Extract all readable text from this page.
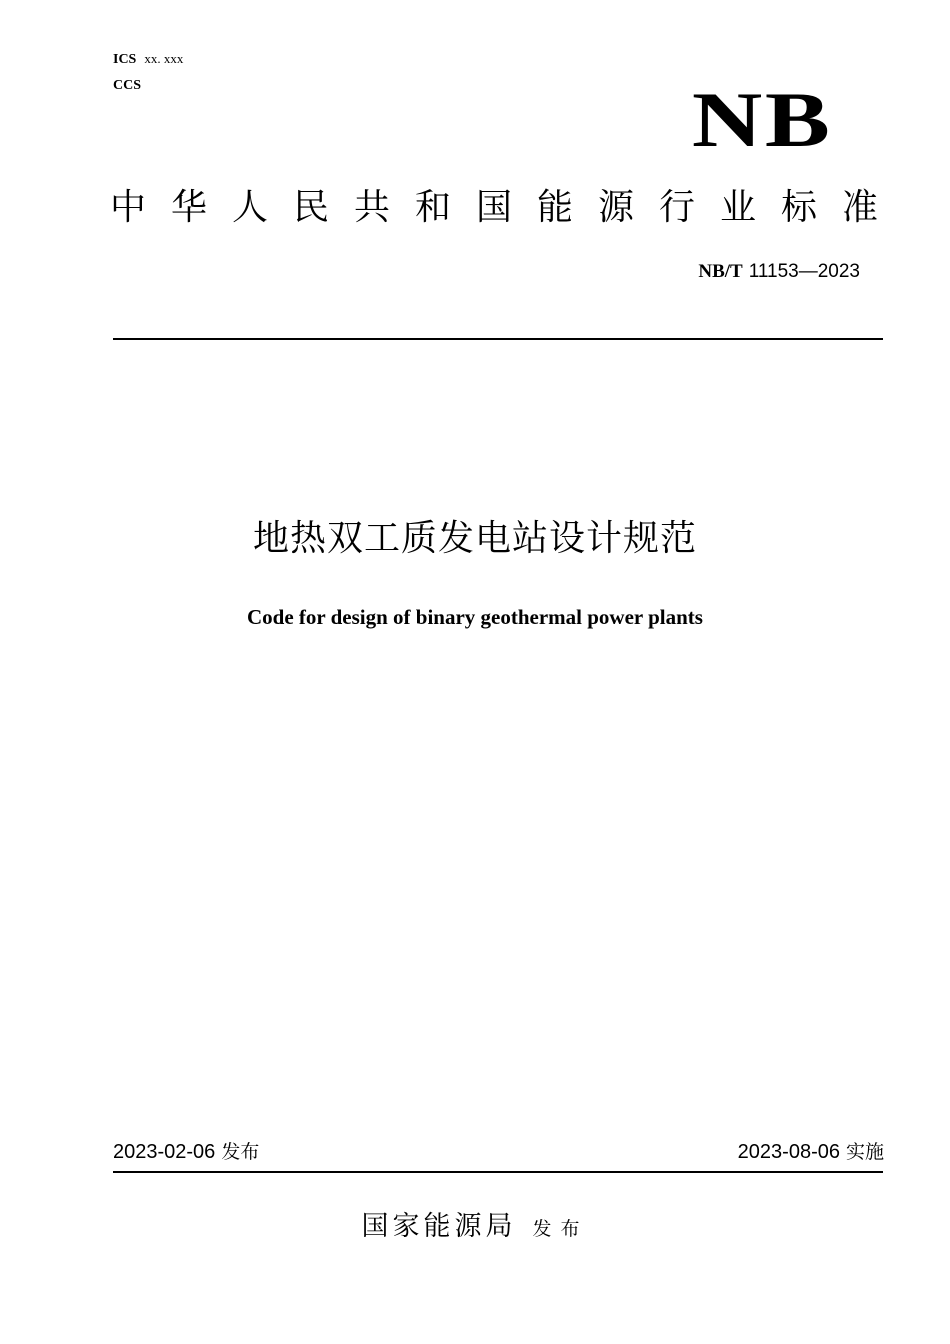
ICS xx. xxx
CCS	NB
中华人民共和国能源行业标准
NB/T 11153—2023
地热双工质发电站设计规范
Code for design of binary geothermal power plants
2023-02-06 发布	2023-08-06 实施
国家能源局 发布
